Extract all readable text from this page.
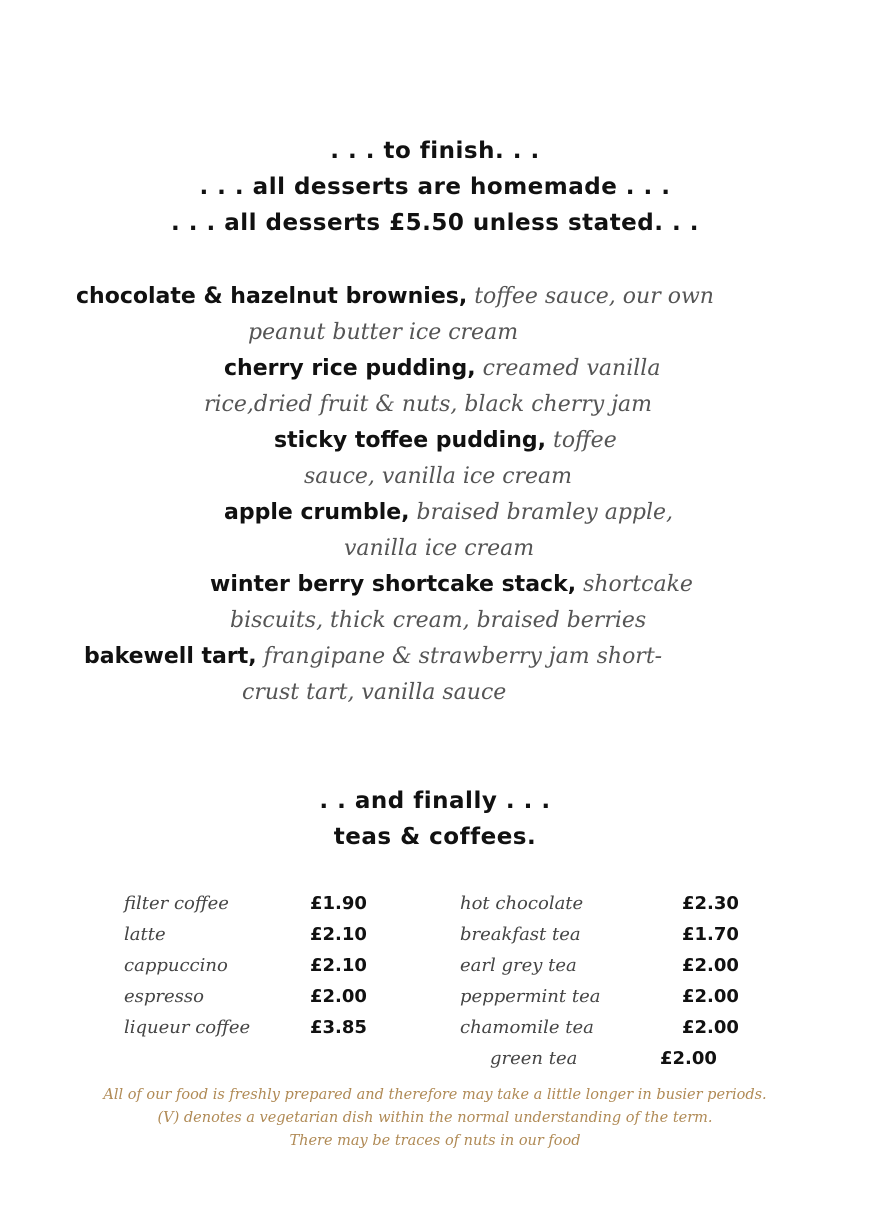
. . . to finish. . .
. . . all desserts are homemade . . .
. . . all desserts £5.50 unless stated. . .
chocolate & hazelnut brownies, toffee sauce, our own
peanut butter ice cream
cherry rice pudding, creamed vanilla
rice,dried fruit & nuts, black cherry jam
sticky toffee pudding, toffee
sauce, vanilla ice cream
apple crumble, braised bramley apple,
vanilla ice cream
winter berry shortcake stack, shortcake
biscuits, thick cream, braised berries
bakewell tart, frangipane & strawberry jam short-
crust tart, vanilla sauce
. . and finally . . .
teas & coffees.
filter coffee	£1.90
latte	£2.10
cappuccino	£2.10
espresso	£2.00
liqueur coffee	£3.85
hot chocolate	£2.30
breakfast tea	£1.70
earl grey tea	£2.00
peppermint tea	£2.00
chamomile tea	£2.00
green tea	£2.00
All of our food is freshly prepared and therefore may take a little longer in busier periods.
(V) denotes a vegetarian dish within the normal understanding of the term.
There may be traces of nuts in our food
